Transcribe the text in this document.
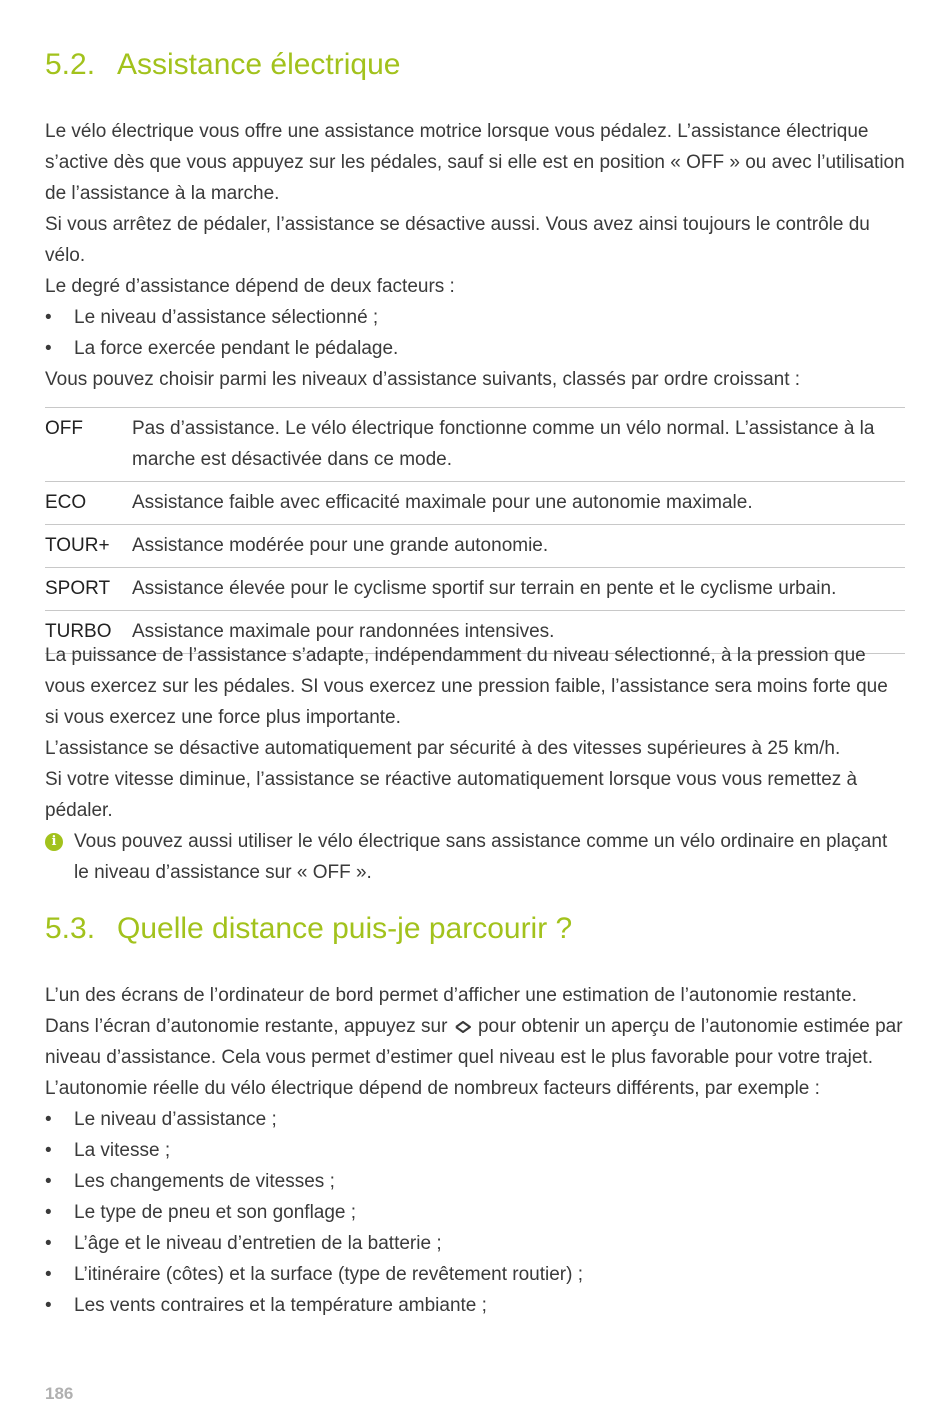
5.2. Assistance électrique

Le vélo électrique vous offre une assistance motrice lorsque vous pédalez. L’assistance électrique s’active dès que vous appuyez sur les pédales, sauf si elle est en position « OFF » ou avec l’utilisation de l’assistance à la marche.

Si vous arrêtez de pédaler, l’assistance se désactive aussi. Vous avez ainsi toujours le contrôle du vélo.

Le degré d’assistance dépend de deux facteurs :

• Le niveau d’assistance sélectionné ;
• La force exercée pendant le pédalage.

Vous pouvez choisir parmi les niveaux d’assistance suivants, classés par ordre croissant :

OFF	Pas d’assistance. Le vélo électrique fonctionne comme un vélo normal. L’assistance à la marche est désactivée dans ce mode.
ECO	Assistance faible avec efficacité maximale pour une autonomie maximale.
TOUR+	Assistance modérée pour une grande autonomie.
SPORT	Assistance élevée pour le cyclisme sportif sur terrain en pente et le cyclisme urbain.
TURBO	Assistance maximale pour randonnées intensives.

La puissance de l’assistance s’adapte, indépendamment du niveau sélectionné, à la pression que vous exercez sur les pédales. SI vous exercez une pression faible, l’assistance sera moins forte que si vous exercez une force plus importante.

L’assistance se désactive automatiquement par sécurité à des vitesses supérieures à 25 km/h.

Si votre vitesse diminue, l’assistance se réactive automatiquement lorsque vous vous remettez à pédaler.

i Vous pouvez aussi utiliser le vélo électrique sans assistance comme un vélo ordinaire en plaçant le niveau d’assistance sur « OFF ».
5.3. Quelle distance puis-je parcourir ?

L’un des écrans de l’ordinateur de bord permet d’afficher une estimation de l’autonomie restante.

Dans l’écran d’autonomie restante, appuyez sur pour obtenir un aperçu de l’autonomie estimée par niveau d’assistance. Cela vous permet d’estimer quel niveau est le plus favorable pour votre trajet.

L’autonomie réelle du vélo électrique dépend de nombreux facteurs différents, par exemple :

• Le niveau d’assistance ;
• La vitesse ;
• Les changements de vitesses ;
• Le type de pneu et son gonflage ;
• L’âge et le niveau d’entretien de la batterie ;
• L’itinéraire (côtes) et la surface (type de revêtement routier) ;
• Les vents contraires et la température ambiante ;
186
